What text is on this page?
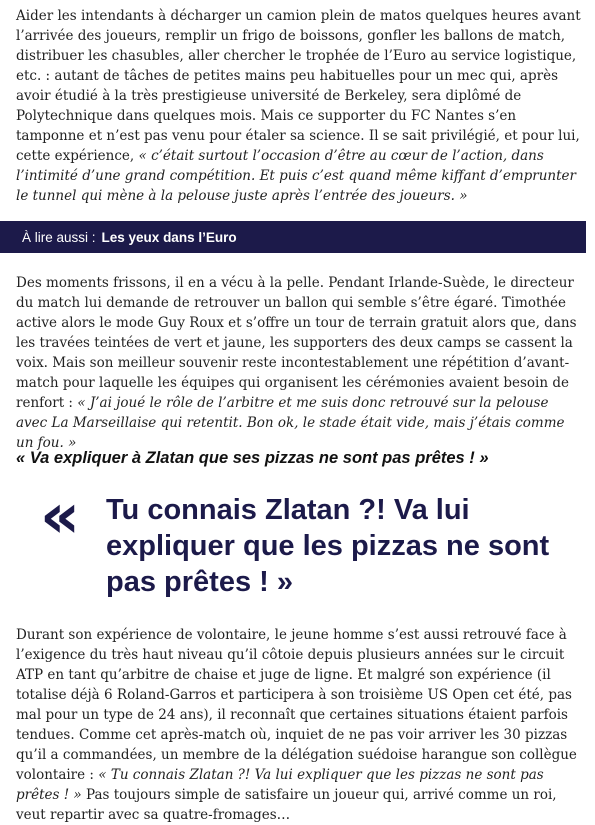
Aider les intendants à décharger un camion plein de matos quelques heures avant l’arrivée des joueurs, remplir un frigo de boissons, gonfler les ballons de match, distribuer les chasubles, aller chercher le trophée de l’Euro au service logistique, etc. : autant de tâches de petites mains peu habituelles pour un mec qui, après avoir étudié à la très prestigieuse université de Berkeley, sera diplômé de Polytechnique dans quelques mois. Mais ce supporter du FC Nantes s’en tamponne et n’est pas venu pour étaler sa science. Il se sait privilégié, et pour lui, cette expérience, « c’était surtout l’occasion d’être au cœur de l’action, dans l’intimité d’une grand compétition. Et puis c’est quand même kiffant d’emprunter le tunnel qui mène à la pelouse juste après l’entrée des joueurs. »

À lire aussi : Les yeux dans l’Euro

Des moments frissons, il en a vécu à la pelle. Pendant Irlande-Suède, le directeur du match lui demande de retrouver un ballon qui semble s’être égaré. Timothée active alors le mode Guy Roux et s’offre un tour de terrain gratuit alors que, dans les travées teintées de vert et jaune, les supporters des deux camps se cassent la voix. Mais son meilleur souvenir reste incontestablement une répétition d’avant-match pour laquelle les équipes qui organisent les cérémonies avaient besoin de renfort : « J’ai joué le rôle de l’arbitre et me suis donc retrouvé sur la pelouse avec La Marseillaise qui retentit. Bon ok, le stade était vide, mais j’étais comme un fou. »

« Va expliquer à Zlatan que ses pizzas ne sont pas prêtes ! »
« Tu connais Zlatan ?! Va lui expliquer que les pizzas ne sont pas prêtes ! »

Durant son expérience de volontaire, le jeune homme s’est aussi retrouvé face à l’exigence du très haut niveau qu’il côtoie depuis plusieurs années sur le circuit ATP en tant qu’arbitre de chaise et juge de ligne. Et malgré son expérience (il totalise déjà 6 Roland-Garros et participera à son troisième US Open cet été, pas mal pour un type de 24 ans), il reconnaît que certaines situations étaient parfois tendues. Comme cet après-match où, inquiet de ne pas voir arriver les 30 pizzas qu’il a commandées, un membre de la délégation suédoise harangue son collègue volontaire : « Tu connais Zlatan ?! Va lui expliquer que les pizzas ne sont pas prêtes ! » Pas toujours simple de satisfaire un joueur qui, arrivé comme un roi, veut repartir avec sa quatre-fromages…
